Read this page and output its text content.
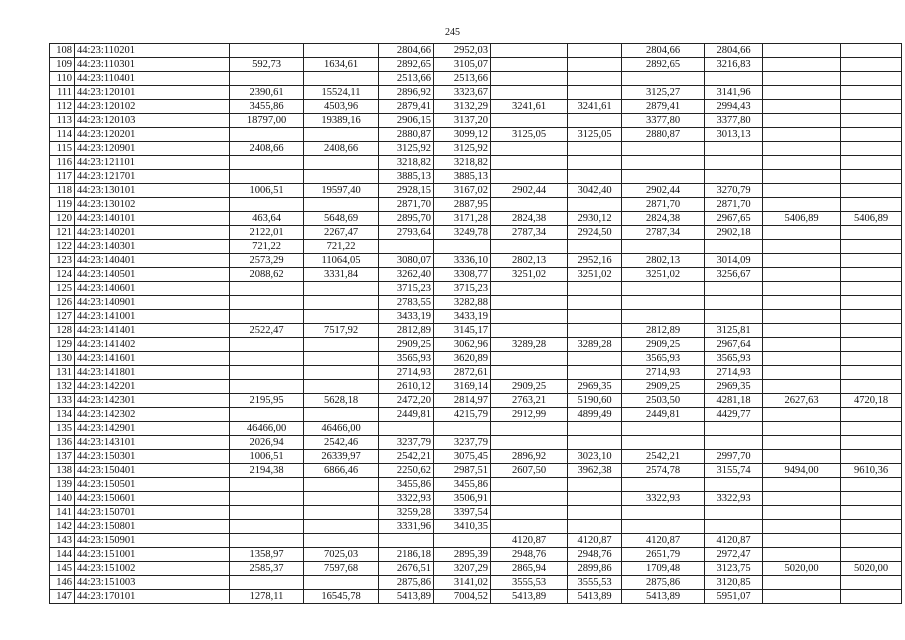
245
108	44:23:110201			2804,66	2952,03			2804,66	2804,66		
109	44:23:110301	592,73	1634,61	2892,65	3105,07			2892,65	3216,83		
110	44:23:110401			2513,66	2513,66						
111	44:23:120101	2390,61	15524,11	2896,92	3323,67			3125,27	3141,96		
112	44:23:120102	3455,86	4503,96	2879,41	3132,29	3241,61	3241,61	2879,41	2994,43		
113	44:23:120103	18797,00	19389,16	2906,15	3137,20			3377,80	3377,80		
114	44:23:120201			2880,87	3099,12	3125,05	3125,05	2880,87	3013,13		
115	44:23:120901	2408,66	2408,66	3125,92	3125,92						
116	44:23:121101			3218,82	3218,82						
117	44:23:121701			3885,13	3885,13						
118	44:23:130101	1006,51	19597,40	2928,15	3167,02	2902,44	3042,40	2902,44	3270,79		
119	44:23:130102			2871,70	2887,95			2871,70	2871,70		
120	44:23:140101	463,64	5648,69	2895,70	3171,28	2824,38	2930,12	2824,38	2967,65	5406,89	5406,89
121	44:23:140201	2122,01	2267,47	2793,64	3249,78	2787,34	2924,50	2787,34	2902,18		
122	44:23:140301	721,22	721,22								
123	44:23:140401	2573,29	11064,05	3080,07	3336,10	2802,13	2952,16	2802,13	3014,09		
124	44:23:140501	2088,62	3331,84	3262,40	3308,77	3251,02	3251,02	3251,02	3256,67		
125	44:23:140601			3715,23	3715,23						
126	44:23:140901			2783,55	3282,88						
127	44:23:141001			3433,19	3433,19						
128	44:23:141401	2522,47	7517,92	2812,89	3145,17			2812,89	3125,81		
129	44:23:141402			2909,25	3062,96	3289,28	3289,28	2909,25	2967,64		
130	44:23:141601			3565,93	3620,89			3565,93	3565,93		
131	44:23:141801			2714,93	2872,61			2714,93	2714,93		
132	44:23:142201			2610,12	3169,14	2909,25	2969,35	2909,25	2969,35		
133	44:23:142301	2195,95	5628,18	2472,20	2814,97	2763,21	5190,60	2503,50	4281,18	2627,63	4720,18
134	44:23:142302			2449,81	4215,79	2912,99	4899,49	2449,81	4429,77		
135	44:23:142901	46466,00	46466,00								
136	44:23:143101	2026,94	2542,46	3237,79	3237,79						
137	44:23:150301	1006,51	26339,97	2542,21	3075,45	2896,92	3023,10	2542,21	2997,70		
138	44:23:150401	2194,38	6866,46	2250,62	2987,51	2607,50	3962,38	2574,78	3155,74	9494,00	9610,36
139	44:23:150501			3455,86	3455,86						
140	44:23:150601			3322,93	3506,91			3322,93	3322,93		
141	44:23:150701			3259,28	3397,54						
142	44:23:150801			3331,96	3410,35						
143	44:23:150901					4120,87	4120,87	4120,87	4120,87		
144	44:23:151001	1358,97	7025,03	2186,18	2895,39	2948,76	2948,76	2651,79	2972,47		
145	44:23:151002	2585,37	7597,68	2676,51	3207,29	2865,94	2899,86	1709,48	3123,75	5020,00	5020,00
146	44:23:151003			2875,86	3141,02	3555,53	3555,53	2875,86	3120,85		
147	44:23:170101	1278,11	16545,78	5413,89	7004,52	5413,89	5413,89	5413,89	5951,07		
